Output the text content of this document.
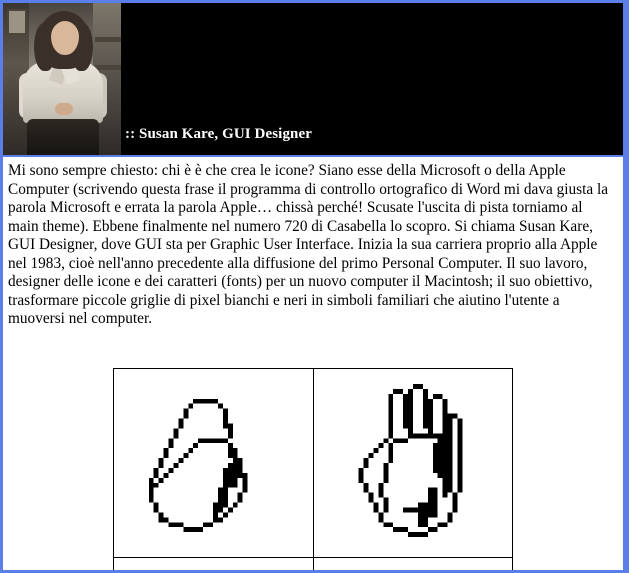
:: Susan Kare, GUI Designer

Mi sono sempre chiesto: chi è è che crea le icone? Siano esse della Microsoft o della Apple Computer (scrivendo questa frase il programma di controllo ortografico di Word mi dava giusta la parola Microsoft e errata la parola Apple… chissà perché! Scusate l'uscita di pista torniamo al main theme). Ebbene finalmente nel numero 720 di Casabella lo scopro. Si chiama Susan Kare, GUI Designer, dove GUI sta per Graphic User Interface. Inizia la sua carriera proprio alla Apple nel 1983, cioè nell'anno precedente alla diffusione del primo Personal Computer. Il suo lavoro, designer delle icone e dei caratteri (fonts) per un nuovo computer il Macintosh; il suo obiettivo, trasformare piccole griglie di pixel bianchi e neri in simboli familiari che aiutino l'utente a muoversi nel computer.
